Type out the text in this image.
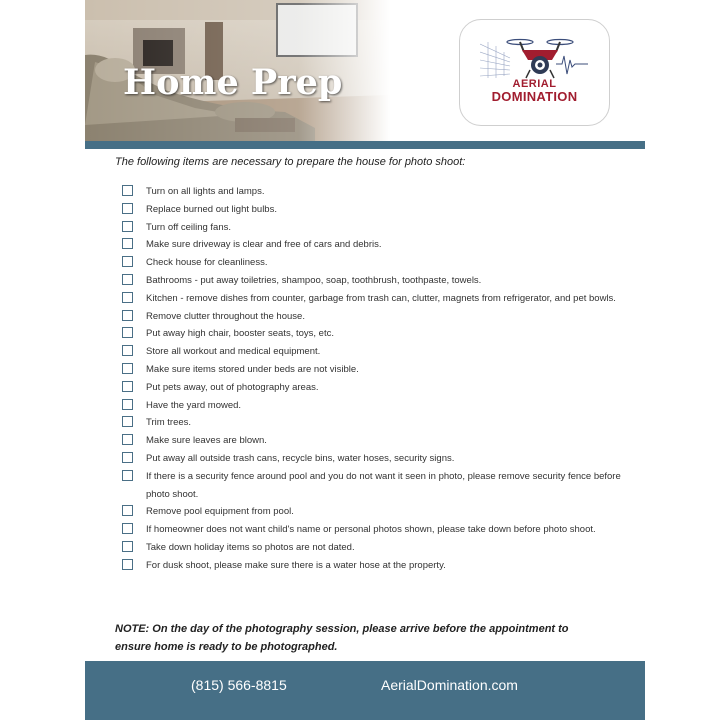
Home Prep	AERIAL
DOMINATION
The following items are necessary to prepare the house for photo shoot:
Turn on all lights and lamps.
Replace burned out light bulbs.
Turn off ceiling fans.
Make sure driveway is clear and free of cars and debris.
Check house for cleanliness.
Bathrooms - put away toiletries, shampoo, soap, toothbrush, toothpaste, towels.
Kitchen - remove dishes from counter, garbage from trash can, clutter, magnets from refrigerator, and pet bowls.
Remove clutter throughout the house.
Put away high chair, booster seats, toys, etc.
Store all workout and medical equipment.
Make sure items stored under beds are not visible.
Put pets away, out of photography areas.
Have the yard mowed.
Trim trees.
Make sure leaves are blown.
Put away all outside trash cans, recycle bins, water hoses, security signs.
If there is a security fence around pool and you do not want it seen in photo, please remove security fence before photo shoot.
Remove pool equipment from pool.
If homeowner does not want child's name or personal photos shown, please take down before photo shoot.
Take down holiday items so photos are not dated.
For dusk shoot, please make sure there is a water hose at the property.
NOTE: On the day of the photography session, please arrive before the appointment to ensure home is ready to be photographed.
(815) 566-8815	AerialDomination.com
